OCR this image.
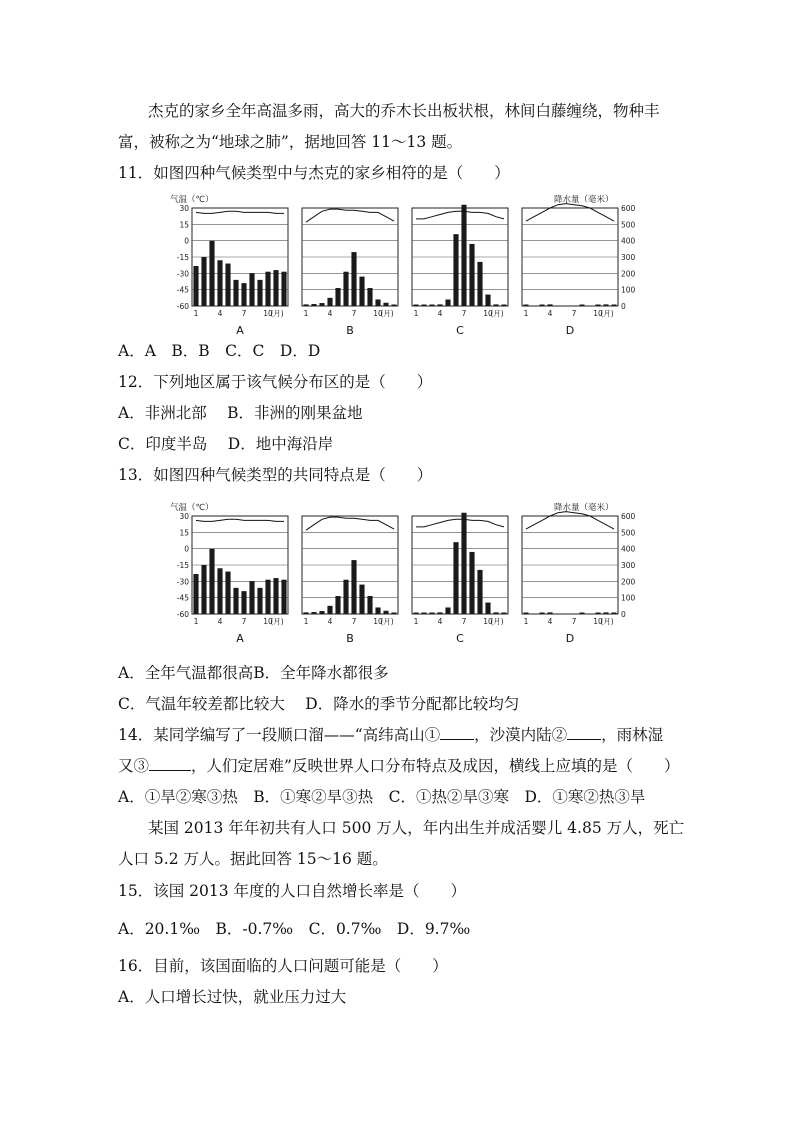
杰克的家乡全年高温多雨，高大的乔木长出板状根，林间白藤缠绕，物种丰
富，被称之为“地球之肺”，据地回答 11～13 题。
11．如图四种气候类型中与杰克的家乡相符的是（　　）
气温（℃）	降水量（毫米）
30
15
0
-15
-30
-45
-60
600
500
400
300
200
100
0
1	4	7 10
(月)
A
1	4	7 10
(月)
B
1	4	7 10
(月)
C
1	4	7 10
(月)
D
A．A　B．B　C．C　D．D
12．下列地区属于该气候分布区的是（　　）
A．非洲北部　 B．非洲的刚果盆地
C．印度半岛　 D．地中海沿岸
13．如图四种气候类型的共同特点是（　　）
气温（℃）	降水量（毫米）
30
15
0
-15
-30
-45
-60
600
500
400
300
200
100
0
1	4	7 10
(月)
A
1	4	7 10
(月)
B
1	4	7 10
(月)
C
1	4	7 10
(月)
D
A．全年气温都很高B．全年降水都很多
C．气温年较差都比较大　 D．降水的季节分配都比较均匀
14．某同学编写了一段顺口溜——“高纬高山① ，沙漠内陆② ，雨林湿
又③	，人们定居难”反映世界人口分布特点及成因，横线上应填的是（　　）
A．①旱②寒③热　B．①寒②旱③热　C．①热②旱③寒　D．①寒②热③旱
某国 2013 年年初共有人口 500 万人，年内出生并成活婴儿 4.85 万人，死亡
人口 5.2 万人。据此回答 15～16 题。
15．该国 2013 年度的人口自然增长率是（　　）
A．20.1‰　B．-0.7‰　C．0.7‰　D．9.7‰
16．目前，该国面临的人口问题可能是（　　）
A．人口增长过快，就业压力过大
